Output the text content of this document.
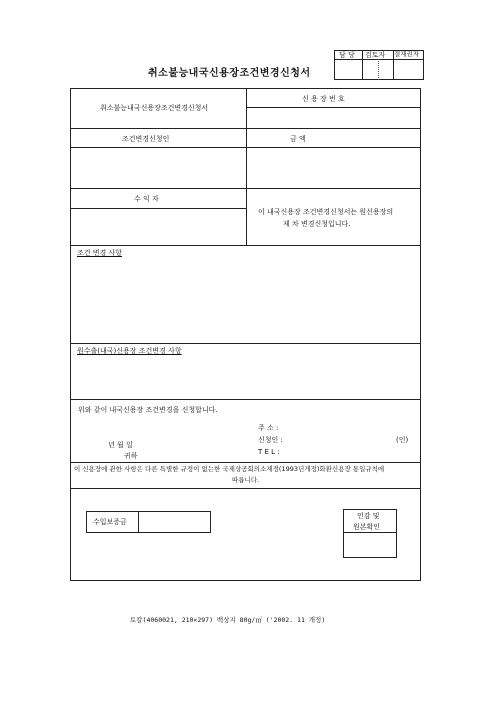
취소불능내국신용장조건변경신청서
담 당 검토자 결재권자
취소불능내국신용장조건변경신청서
신 용 장 번 호
조건변경신청인	금 액
수 익 자
이 내국신용장 조건변경신청서는 원신용장의
제 차 변경신청입니다.
조건 변경 사항
원수출(내국)신용장 조건변경 사항
위와 같이 내국신용장 조건변경을 신청합니다.
년 월 일
귀하
주 소 :
신청인 :
T E L :
(인)
이 신용장에 관한 사항은 다른 특별한 규정이 없는한 국제상공회의소제정(1993년개정)화환신용장 통일규칙에
따릅니다.
수입보증금
인감 및
원본확인
토칼(4060021, 210×297) 백상지 80g/㎡ ('2002. 11 개정)
